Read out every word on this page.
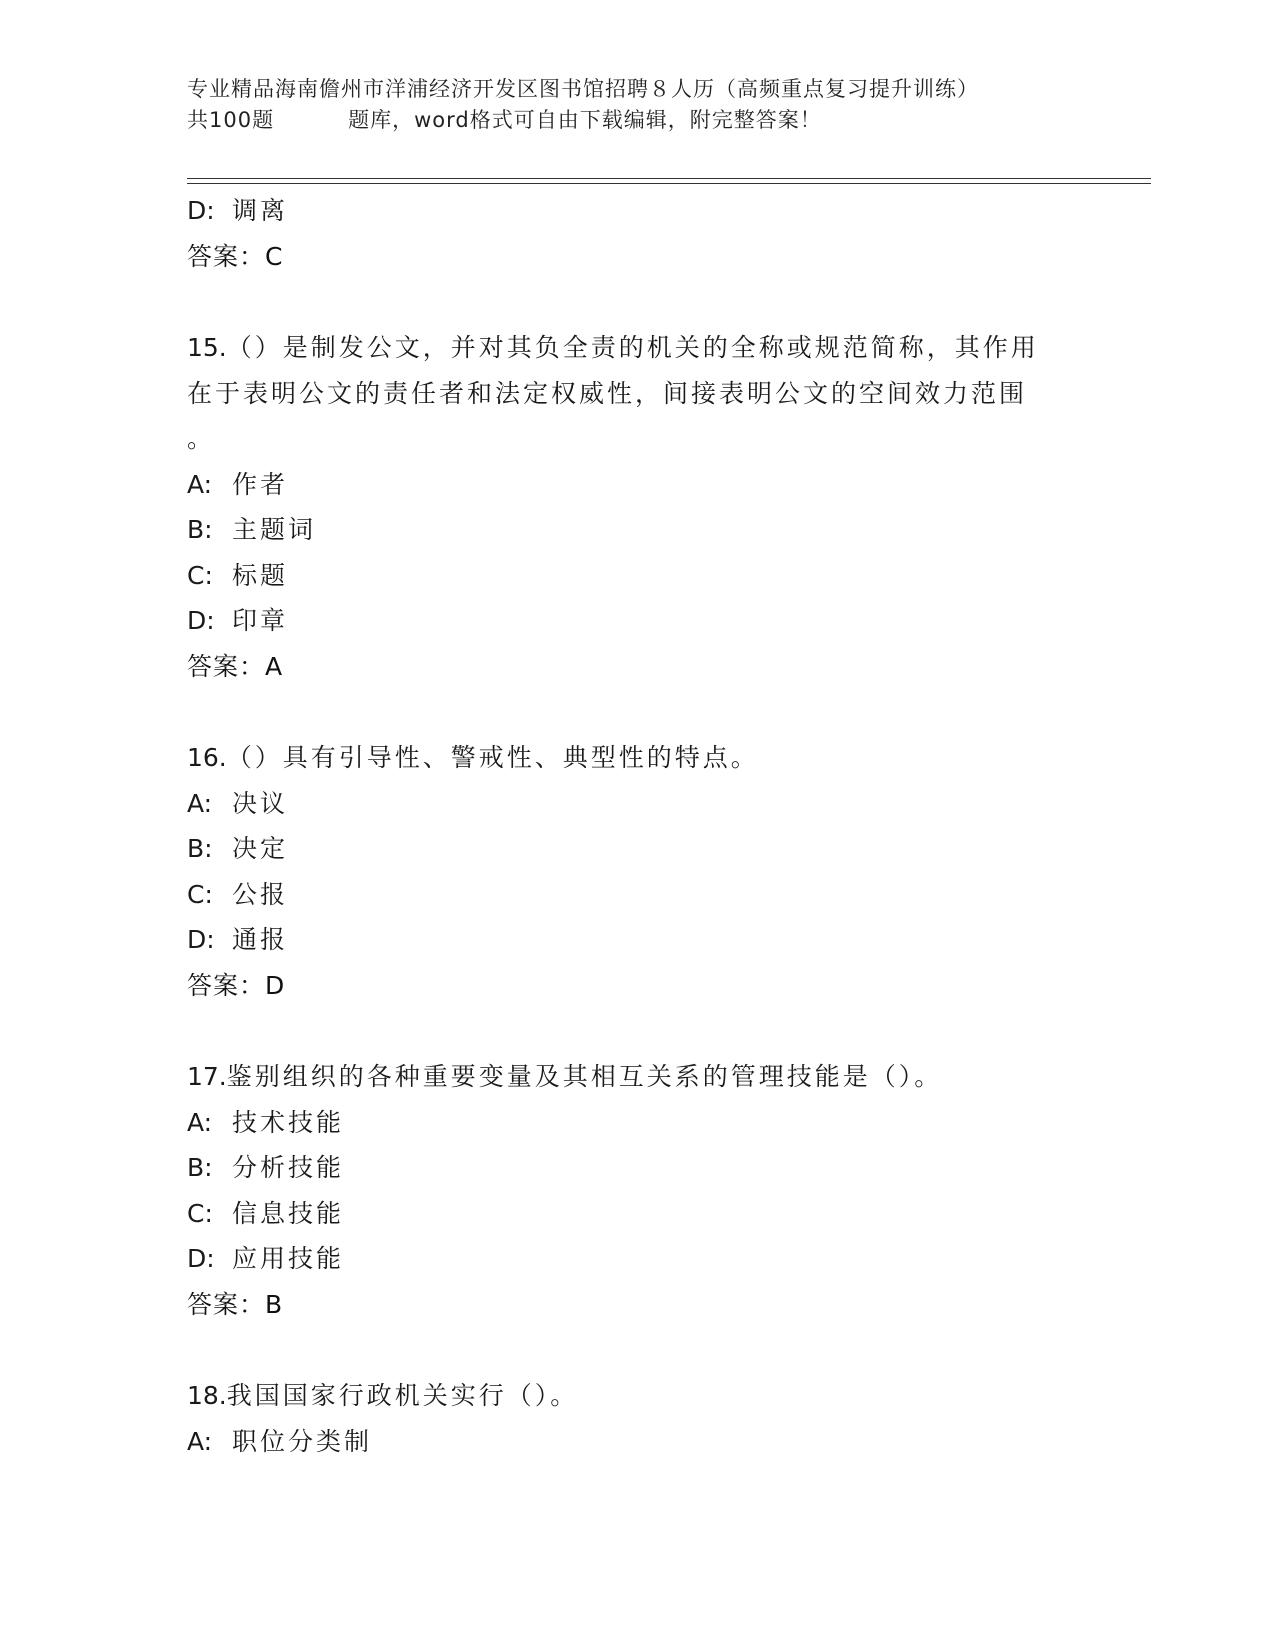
专业精品海南儋州市洋浦经济开发区图书馆招聘８人历（高频重点复习提升训练）
共100题	题库，word格式可自由下载编辑，附完整答案！
D: 调离
答案：C
15.（）是制发公文，并对其负全责的机关的全称或规范简称，其作用
在于表明公文的责任者和法定权威性，间接表明公文的空间效力范围
。
A: 作者
B: 主题词
C: 标题
D: 印章
答案：A
16.（）具有引导性、警戒性、典型性的特点。
A: 决议
B: 决定
C: 公报
D: 通报
答案：D
17.鉴别组织的各种重要变量及其相互关系的管理技能是（）。
A: 技术技能
B: 分析技能
C: 信息技能
D: 应用技能
答案：B
18.我国国家行政机关实行（）。
A: 职位分类制
